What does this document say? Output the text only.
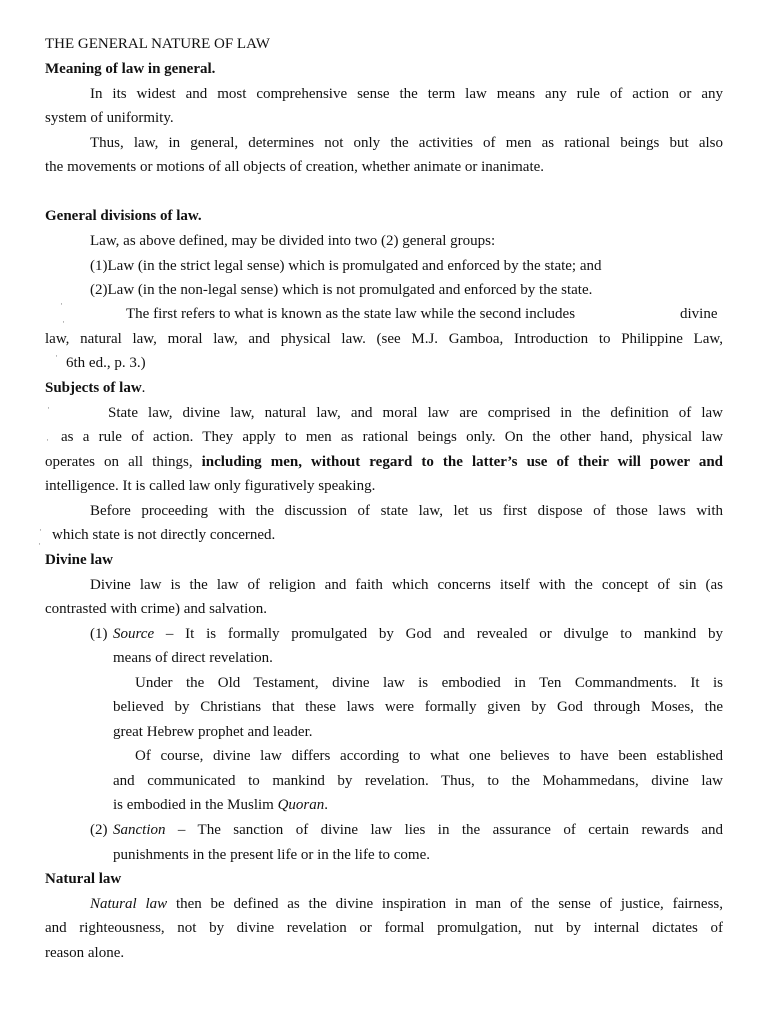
THE GENERAL NATURE OF LAW
Meaning of law in general.
In its widest and most comprehensive sense the term law means any rule of action or any
system of uniformity.
Thus, law, in general, determines not only the activities of men as rational beings but also
the movements or motions of all objects of creation, whether animate or inanimate.
General divisions of law.
Law, as above defined, may be divided into two (2) general groups:
(1)Law (in the strict legal sense) which is promulgated and enforced by the state; and
(2)Law (in the non-legal sense) which is not promulgated and enforced by the state.
The first refers to what is known as the state law while the second includes	divine
law, natural law, moral law, and physical law. (see M.J. Gamboa, Introduction to Philippine Law,
6th ed., p. 3.)
Subjects of law.
State law, divine law, natural law, and moral law are comprised in the definition of law
as a rule of action. They apply to men as rational beings only. On the other hand, physical law
operates on all things, including men, without regard to the latter’s use of their will power and
intelligence. It is called law only figuratively speaking.
Before proceeding with the discussion of state law, let us first dispose of those laws with
which state is not directly concerned.
Divine law
Divine law is the law of religion and faith which concerns itself with the concept of sin (as
contrasted with crime) and salvation.
(1) Source – It is formally promulgated by God and revealed or divulge to mankind by
means of direct revelation.
Under the Old Testament, divine law is embodied in Ten Commandments. It is
believed by Christians that these laws were formally given by God through Moses, the
great Hebrew prophet and leader.
Of course, divine law differs according to what one believes to have been established
and communicated to mankind by revelation. Thus, to the Mohammedans, divine law
is embodied in the Muslim Quoran.
(2) Sanction – The sanction of divine law lies in the assurance of certain rewards and
punishments in the present life or in the life to come.
Natural law
Natural law then be defined as the divine inspiration in man of the sense of justice, fairness,
and righteousness, not by divine revelation or formal promulgation, nut by internal dictates of
reason alone.
·
·
·
·
·
·
·
